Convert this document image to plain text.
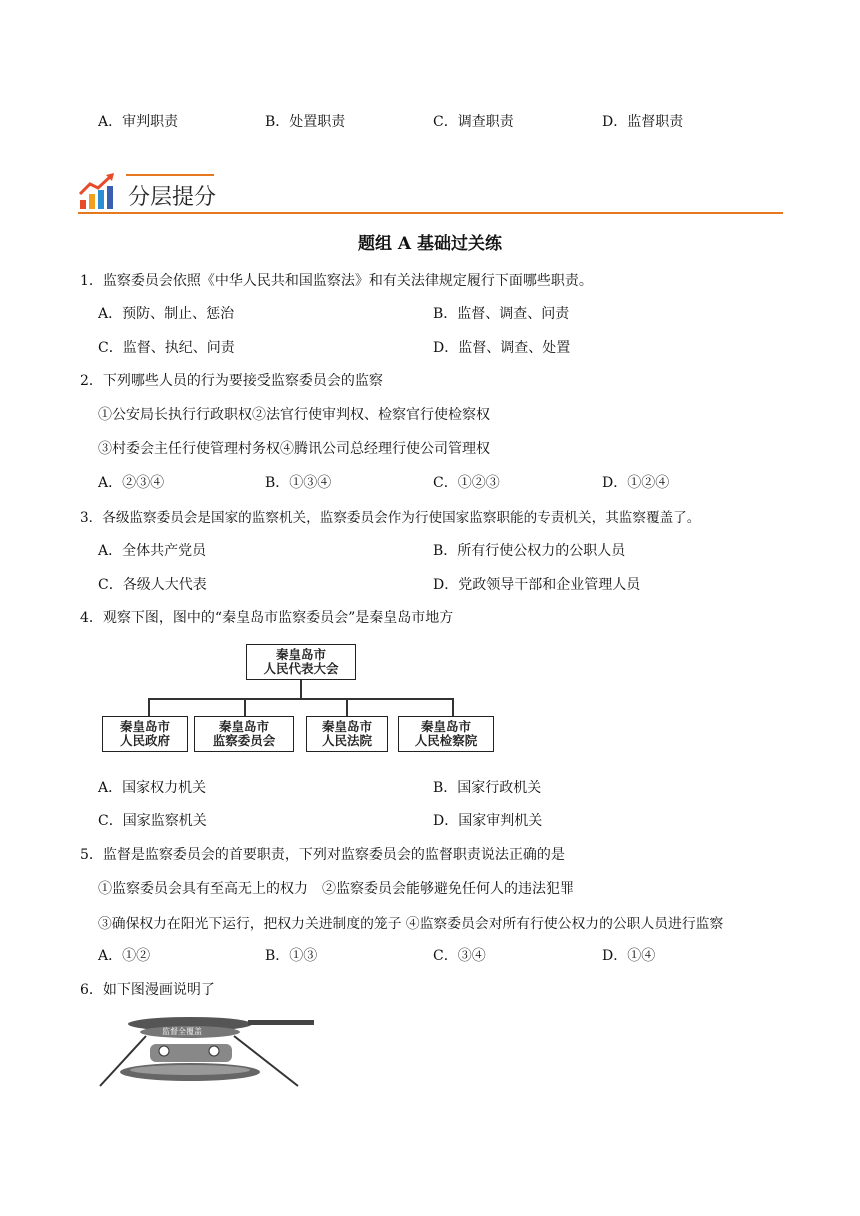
A．审判职责	B．处置职责	C．调查职责	D．监督职责
分层提分
题组 A 基础过关练
1．监察委员会依照《中华人民共和国监察法》和有关法律规定履行下面哪些职责。
A．预防、制止、惩治	B．监督、调查、问责
C．监督、执纪、问责	D．监督、调查、处置
2．下列哪些人员的行为要接受监察委员会的监察
①公安局长执行行政职权②法官行使审判权、检察官行使检察权
③村委会主任行使管理村务权④腾讯公司总经理行使公司管理权
A．②③④	B．①③④	C．①②③	D．①②④
3．各级监察委员会是国家的监察机关，监察委员会作为行使国家监察职能的专责机关，其监察覆盖了。
A．全体共产党员	B．所有行使公权力的公职人员
C．各级人大代表	D．党政领导干部和企业管理人员
4．观察下图，图中的“秦皇岛市监察委员会”是秦皇岛市地方
秦皇岛市
人民代表大会
秦皇岛市
人民政府
秦皇岛市
监察委员会
秦皇岛市
人民法院
秦皇岛市
人民检察院
A．国家权力机关	B．国家行政机关
C．国家监察机关	D．国家审判机关
5．监督是监察委员会的首要职责，下列对监察委员会的监督职责说法正确的是
①监察委员会具有至高无上的权力　②监察委员会能够避免任何人的违法犯罪
③确保权力在阳光下运行，把权力关进制度的笼子 ④监察委员会对所有行使公权力的公职人员进行监察
A．①②	B．①③	C．③④	D．①④
6．如下图漫画说明了
监督全覆盖
